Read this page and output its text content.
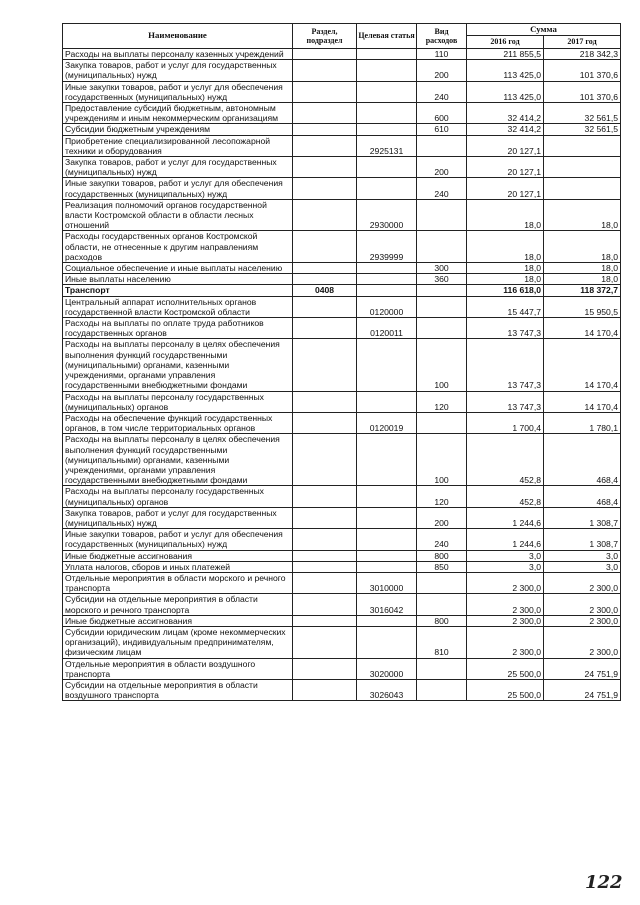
Наименование	Раздел, подраздел	Целевая статья	Вид расходов	Сумма	
				2016 год	2017 год
Расходы на выплаты персоналу казенных учреждений			110	211 855,5	218 342,3
Закупка товаров, работ и услуг для государственных (муниципальных) нужд			200	113 425,0	101 370,6
Иные закупки товаров, работ и услуг для обеспечения государственных (муниципальных) нужд			240	113 425,0	101 370,6
Предоставление субсидий бюджетным, автономным учреждениям и иным некоммерческим организациям			600	32 414,2	32 561,5
Субсидии бюджетным учреждениям			610	32 414,2	32 561,5
Приобретение специализированной лесопожарной техники и оборудования		2925131		20 127,1	
Закупка товаров, работ и услуг для государственных (муниципальных) нужд			200	20 127,1	
Иные закупки товаров, работ и услуг для обеспечения государственных (муниципальных) нужд			240	20 127,1	
Реализация полномочий органов государственной власти Костромской области в области лесных отношений		2930000		18,0	18,0
Расходы государственных органов Костромской области, не отнесенные к другим направлениям расходов		2939999		18,0	18,0
Социальное обеспечение и иные выплаты населению			300	18,0	18,0
Иные выплаты населению			360	18,0	18,0
Транспорт	0408			116 618,0	118 372,7
Центральный аппарат исполнительных органов государственной власти Костромской области		0120000		15 447,7	15 950,5
Расходы на выплаты по оплате труда работников государственных органов		0120011		13 747,3	14 170,4
Расходы на выплаты персоналу в целях обеспечения выполнения функций государственными (муниципальными) органами, казенными учреждениями, органами управления государственными внебюджетными фондами			100	13 747,3	14 170,4
Расходы на выплаты персоналу государственных (муниципальных) органов			120	13 747,3	14 170,4
Расходы на обеспечение функций государственных органов, в том числе территориальных органов		0120019		1 700,4	1 780,1
Расходы на выплаты персоналу в целях обеспечения выполнения функций государственными (муниципальными) органами, казенными учреждениями, органами управления государственными внебюджетными фондами			100	452,8	468,4
Расходы на выплаты персоналу государственных (муниципальных) органов			120	452,8	468,4
Закупка товаров, работ и услуг для государственных (муниципальных) нужд			200	1 244,6	1 308,7
Иные закупки товаров, работ и услуг для обеспечения государственных (муниципальных) нужд			240	1 244,6	1 308,7
Иные бюджетные ассигнования			800	3,0	3,0
Уплата налогов, сборов и иных платежей			850	3,0	3,0
Отдельные мероприятия в области морского и речного транспорта		3010000		2 300,0	2 300,0
Субсидии на отдельные мероприятия в области морского и речного транспорта		3016042		2 300,0	2 300,0
Иные бюджетные ассигнования			800	2 300,0	2 300,0
Субсидии юридическим лицам (кроме некоммерческих организаций), индивидуальным предпринимателям, физическим лицам			810	2 300,0	2 300,0
Отдельные мероприятия в области воздушного транспорта		3020000		25 500,0	24 751,9
Субсидии на отдельные мероприятия в области воздушного транспорта		3026043		25 500,0	24 751,9
122
